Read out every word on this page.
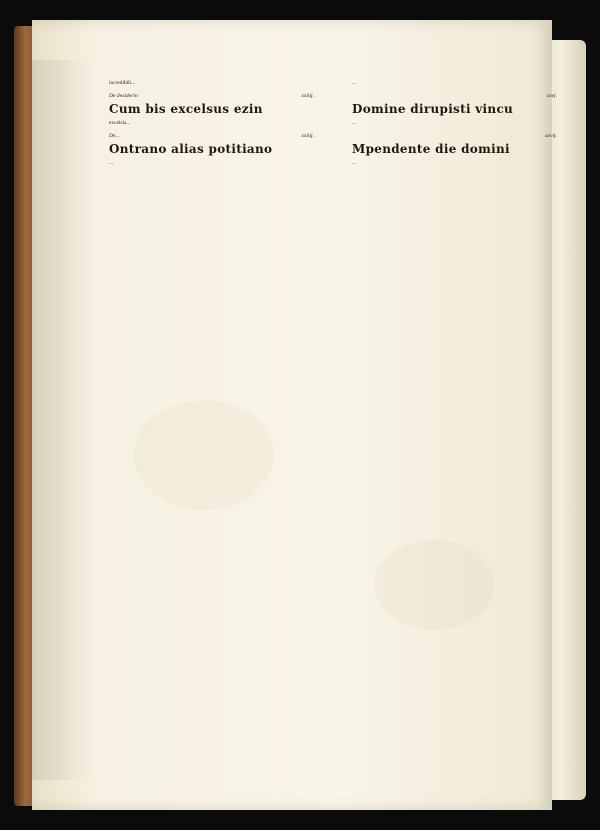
incredibili...

De desiderio	xxiiij.
Cum bis excelsus ezin

excelsis...

De...	xxiiij.
Ontrano alias potitiano

...

...

xxvj.
Domine dirupisti vincu

...

xxvij.
Mpendente die domini

...
